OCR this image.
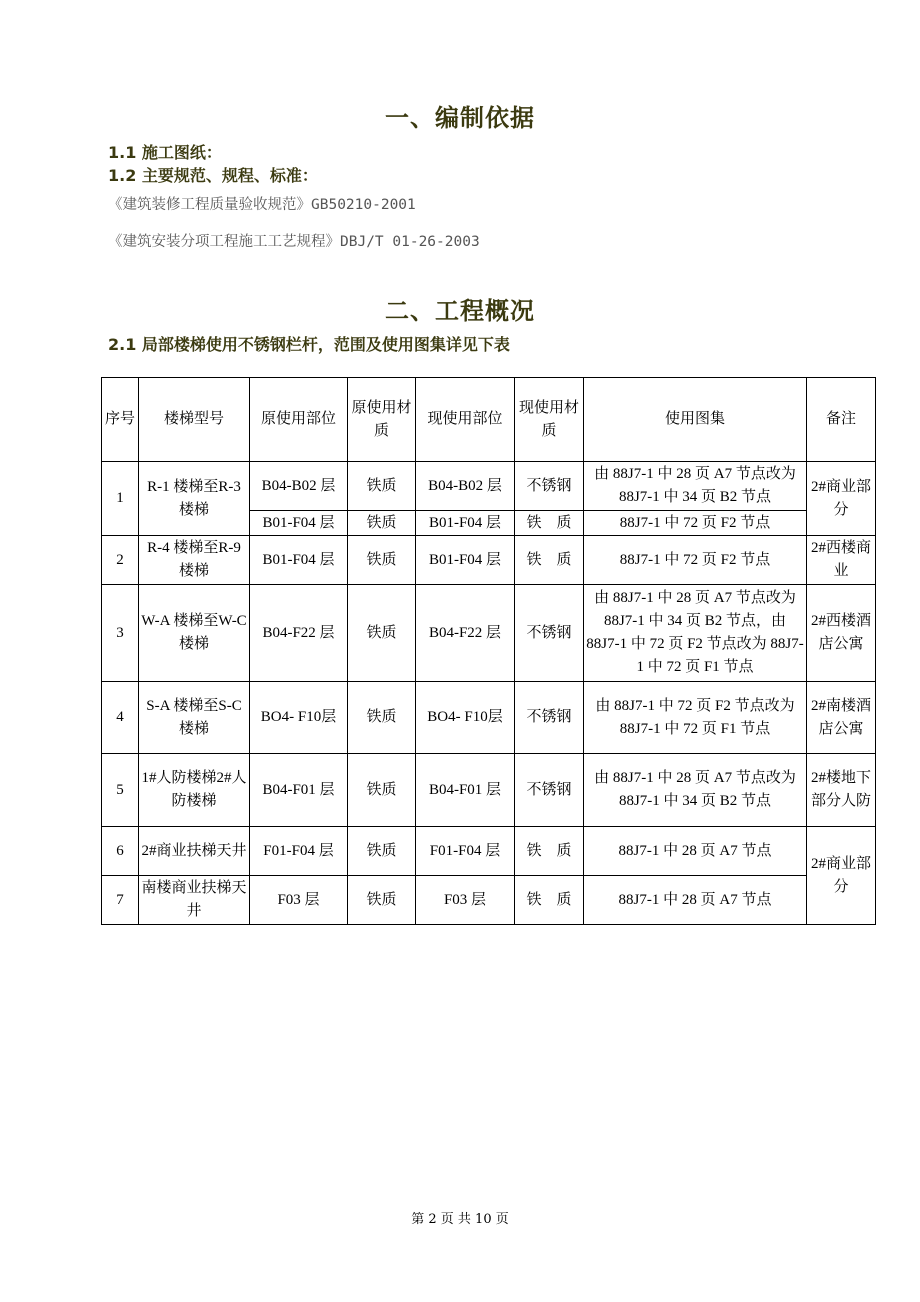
一、编制依据
1.1 施工图纸：
1.2 主要规范、规程、标准：
《建筑装修工程质量验收规范》GB50210-2001
《建筑安装分项工程施工工艺规程》DBJ/T 01-26-2003
二、工程概况
2.1 局部楼梯使用不锈钢栏杆，范围及使用图集详见下表
序号	楼梯型号	原使用部位	原使用材质	现使用部位	现使用材质	使用图集	备注
1	R-1 楼梯至R-3 楼梯	B04-B02 层	铁质	B04-B02 层	不锈钢	由 88J7-1 中 28 页 A7 节点改为 88J7-1 中 34 页 B2 节点	2#商业部分
		B01-F04 层	铁质	B01-F04 层	铁　质	88J7-1 中 72 页 F2 节点	
2	R-4 楼梯至R-9 楼梯	B01-F04 层	铁质	B01-F04 层	铁　质	88J7-1 中 72 页 F2 节点	2#西楼商业
3	W-A 楼梯至W-C 楼梯	B04-F22 层	铁质	B04-F22 层	不锈钢	由 88J7-1 中 28 页 A7 节点改为 88J7-1 中 34 页 B2 节点，由 88J7-1 中 72 页 F2 节点改为 88J7-1 中 72 页 F1 节点	2#西楼酒店公寓
4	S-A 楼梯至S-C 楼梯	BO4- F10层	铁质	BO4- F10层	不锈钢	由 88J7-1 中 72 页 F2 节点改为 88J7-1 中 72 页 F1 节点	2#南楼酒店公寓
5	1#人防楼梯2#人防楼梯	B04-F01 层	铁质	B04-F01 层	不锈钢	由 88J7-1 中 28 页 A7 节点改为 88J7-1 中 34 页 B2 节点	2#楼地下部分人防
6	2#商业扶梯天井	F01-F04 层	铁质	F01-F04 层	铁　质	88J7-1 中 28 页 A7 节点	2#商业部分
7	南楼商业扶梯天井	F03 层	铁质	F03 层	铁　质	88J7-1 中 28 页 A7 节点	
第 2 页 共 10 页
